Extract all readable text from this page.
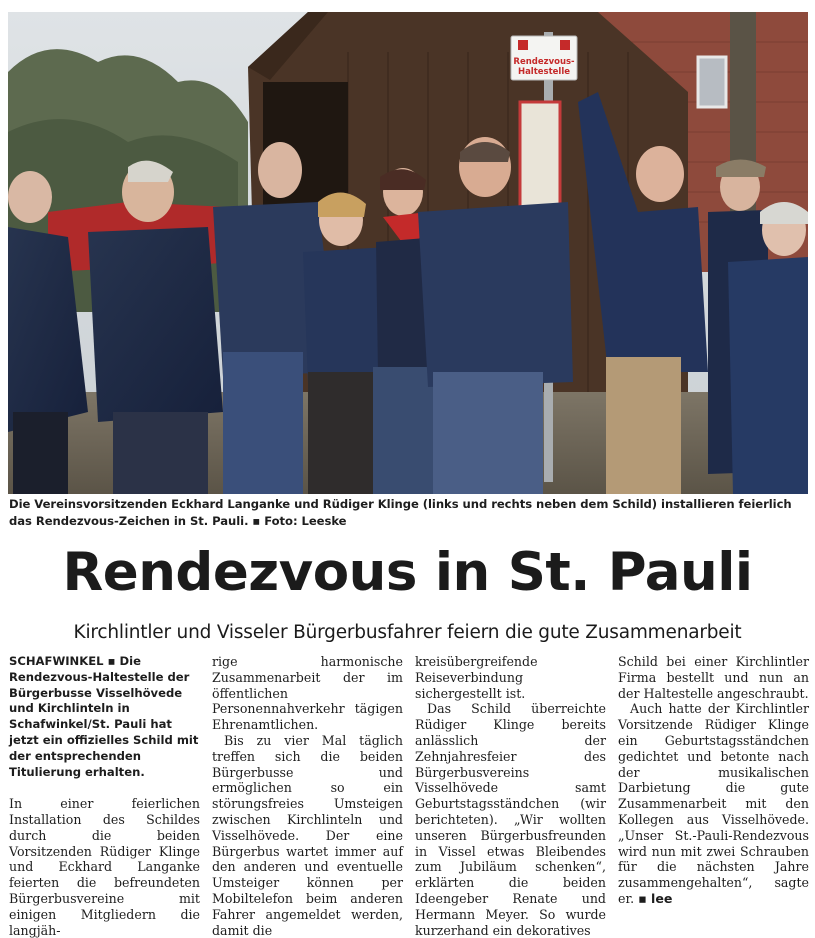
Rendezvous-
Haltestelle
Die Vereinsvorsitzenden Eckhard Langanke und Rüdiger Klinge (links und rechts neben dem Schild) installieren feierlich das Rendezvous-Zeichen in St. Pauli. ▪ Foto: Leeske
Rendezvous in St. Pauli
Kirchlintler und Visseler Bürgerbusfahrer feiern die gute Zusammenarbeit

SCHAFWINKEL ▪ Die Rendezvous-Haltestelle der Bürgerbusse Visselhövede und Kirchlinteln in Schafwinkel/St. Pauli hat jetzt ein offizielles Schild mit der entsprechenden Titulierung erhalten.

In einer feierlichen Installation des Schildes durch die beiden Vorsitzenden Rüdiger Klinge und Eckhard Langanke feierten die befreundeten Bürgerbusvereine mit einigen Mitgliedern die langjäh-

rige harmonische Zusammenarbeit der im öffentlichen Personennahverkehr tägigen Ehrenamtlichen.

Bis zu vier Mal täglich treffen sich die beiden Bürgerbusse und ermöglichen so ein störungsfreies Umsteigen zwischen Kirchlinteln und Visselhövede. Der eine Bürgerbus wartet immer auf den anderen und eventuelle Umsteiger können per Mobiltelefon beim anderen Fahrer angemeldet werden, damit die

kreisübergreifende Reiseverbindung sichergestellt ist.

Das Schild überreichte Rüdiger Klinge bereits anlässlich der Zehnjahresfeier des Bürgerbusvereins Visselhövede samt Geburtstagsständchen (wir berichteten). „Wir wollten unseren Bürgerbusfreunden in Vissel etwas Bleibendes zum Jubiläum schenken“, erklärten die beiden Ideengeber Renate und Hermann Meyer. So wurde kurzerhand ein dekoratives

Schild bei einer Kirchlintler Firma bestellt und nun an der Haltestelle angeschraubt.

Auch hatte der Kirchlintler Vorsitzende Rüdiger Klinge ein Geburtstagsständchen gedichtet und betonte nach der musikalischen Darbietung die gute Zusammenarbeit mit den Kollegen aus Visselhövede. „Unser St.-Pauli-Rendezvous wird nun mit zwei Schrauben für die nächsten Jahre zusammengehalten“, sagte er. ▪ lee
